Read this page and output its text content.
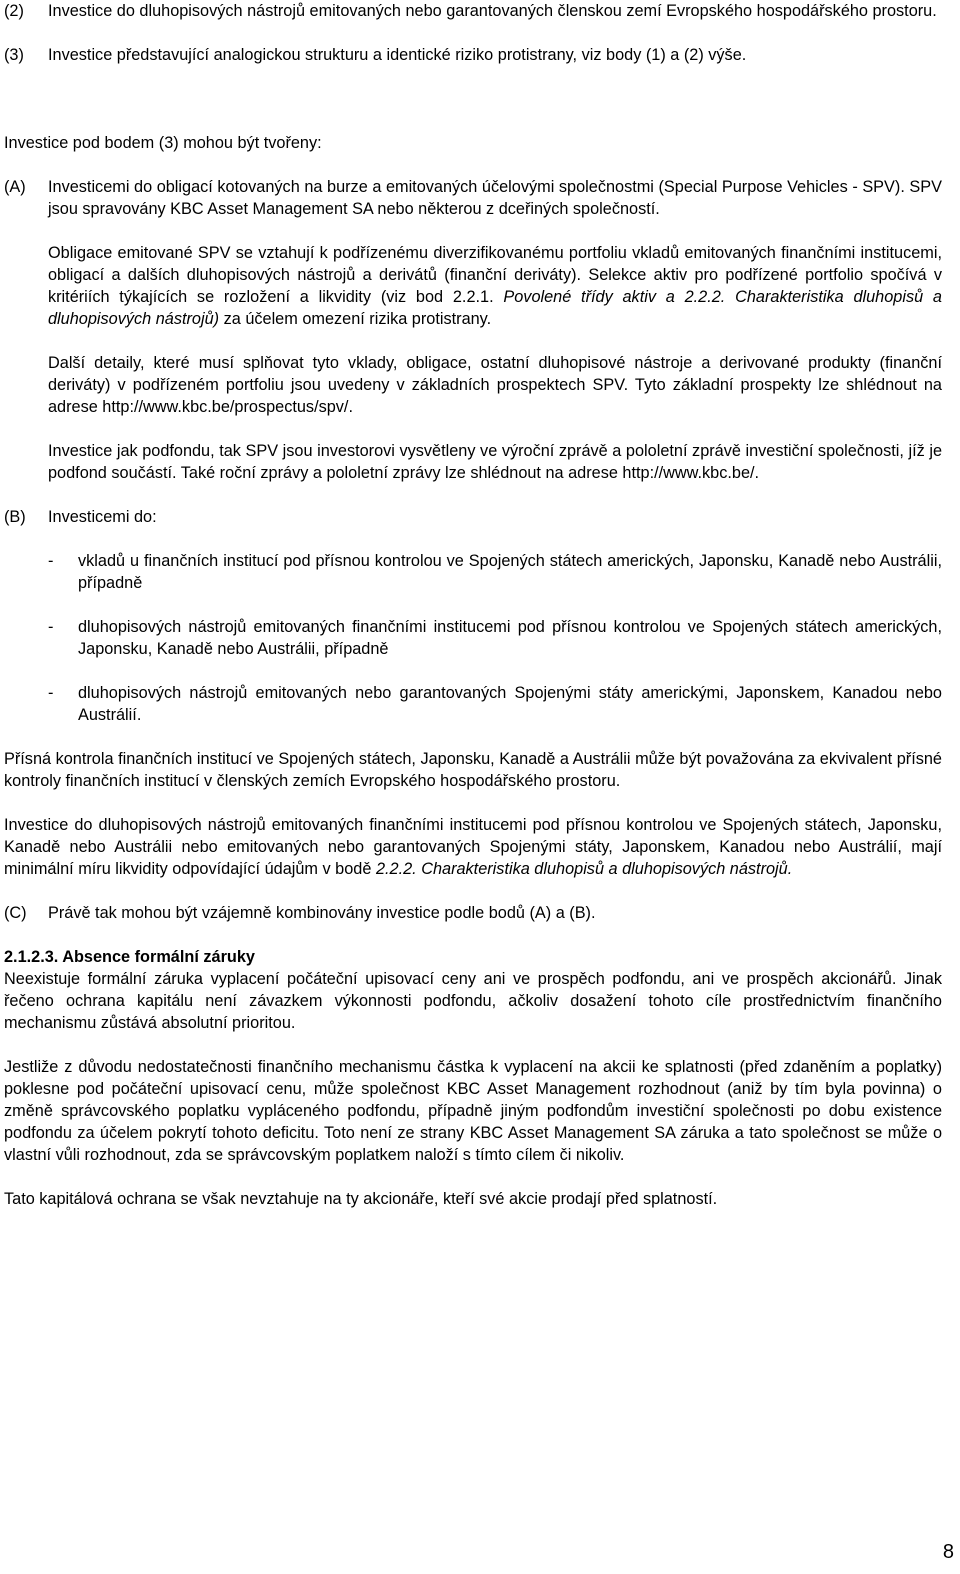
(2) Investice do dluhopisových nástrojů emitovaných nebo garantovaných členskou zemí Evropského hospodářského prostoru.

(3) Investice představující analogickou strukturu a identické riziko protistrany, viz body (1) a (2) výše.

Investice pod bodem (3) mohou být tvořeny:

(A) Investicemi do obligací kotovaných na burze a emitovaných účelovými společnostmi (Special Purpose Vehicles - SPV). SPV jsou spravovány KBC Asset Management SA nebo některou z dceřiných společností.

Obligace emitované SPV se vztahují k podřízenému diverzifikovanému portfoliu vkladů emitovaných finančními institucemi, obligací a dalších dluhopisových nástrojů a derivátů (finanční deriváty). Selekce aktiv pro podřízené portfolio spočívá v kritériích týkajících se rozložení a likvidity (viz bod 2.2.1. Povolené třídy aktiv a 2.2.2. Charakteristika dluhopisů a dluhopisových nástrojů) za účelem omezení rizika protistrany.

Další detaily, které musí splňovat tyto vklady, obligace, ostatní dluhopisové nástroje a derivované produkty (finanční deriváty) v podřízeném portfoliu jsou uvedeny v základních prospektech SPV. Tyto základní prospekty lze shlédnout na adrese http://www.kbc.be/prospectus/spv/.

Investice jak podfondu, tak SPV jsou investorovi vysvětleny ve výroční zprávě a pololetní zprávě investiční společnosti, jíž je podfond součástí. Také roční zprávy a pololetní zprávy lze shlédnout na adrese http://www.kbc.be/.

(B) Investicemi do:

- vkladů u finančních institucí pod přísnou kontrolou ve Spojených státech amerických, Japonsku, Kanadě nebo Austrálii, případně

- dluhopisových nástrojů emitovaných finančními institucemi pod přísnou kontrolou ve Spojených státech amerických, Japonsku, Kanadě nebo Austrálii, případně

- dluhopisových nástrojů emitovaných nebo garantovaných Spojenými státy americkými, Japonskem, Kanadou nebo Austrálií.

Přísná kontrola finančních institucí ve Spojených státech, Japonsku, Kanadě a Austrálii může být považována za ekvivalent přísné kontroly finančních institucí v členských zemích Evropského hospodářského prostoru.

Investice do dluhopisových nástrojů emitovaných finančními institucemi pod přísnou kontrolou ve Spojených státech, Japonsku, Kanadě nebo Austrálii nebo emitovaných nebo garantovaných Spojenými státy, Japonskem, Kanadou nebo Austrálií, mají minimální míru likvidity odpovídající údajům v bodě 2.2.2. Charakteristika dluhopisů a dluhopisových nástrojů.

(C) Právě tak mohou být vzájemně kombinovány investice podle bodů (A) a (B).

2.1.2.3. Absence formální záruky

Neexistuje formální záruka vyplacení počáteční upisovací ceny ani ve prospěch podfondu, ani ve prospěch akcionářů. Jinak řečeno ochrana kapitálu není závazkem výkonnosti podfondu, ačkoliv dosažení tohoto cíle prostřednictvím finančního mechanismu zůstává absolutní prioritou.

Jestliže z důvodu nedostatečnosti finančního mechanismu částka k vyplacení na akcii ke splatnosti (před zdaněním a poplatky) poklesne pod počáteční upisovací cenu, může společnost KBC Asset Management rozhodnout (aniž by tím byla povinna) o změně správcovského poplatku vypláceného podfondu, případně jiným podfondům investiční společnosti po dobu existence podfondu za účelem pokrytí tohoto deficitu. Toto není ze strany KBC Asset Management SA záruka a tato společnost se může o vlastní vůli rozhodnout, zda se správcovským poplatkem naloží s tímto cílem či nikoliv.

Tato kapitálová ochrana se však nevztahuje na ty akcionáře, kteří své akcie prodají před splatností.

8
